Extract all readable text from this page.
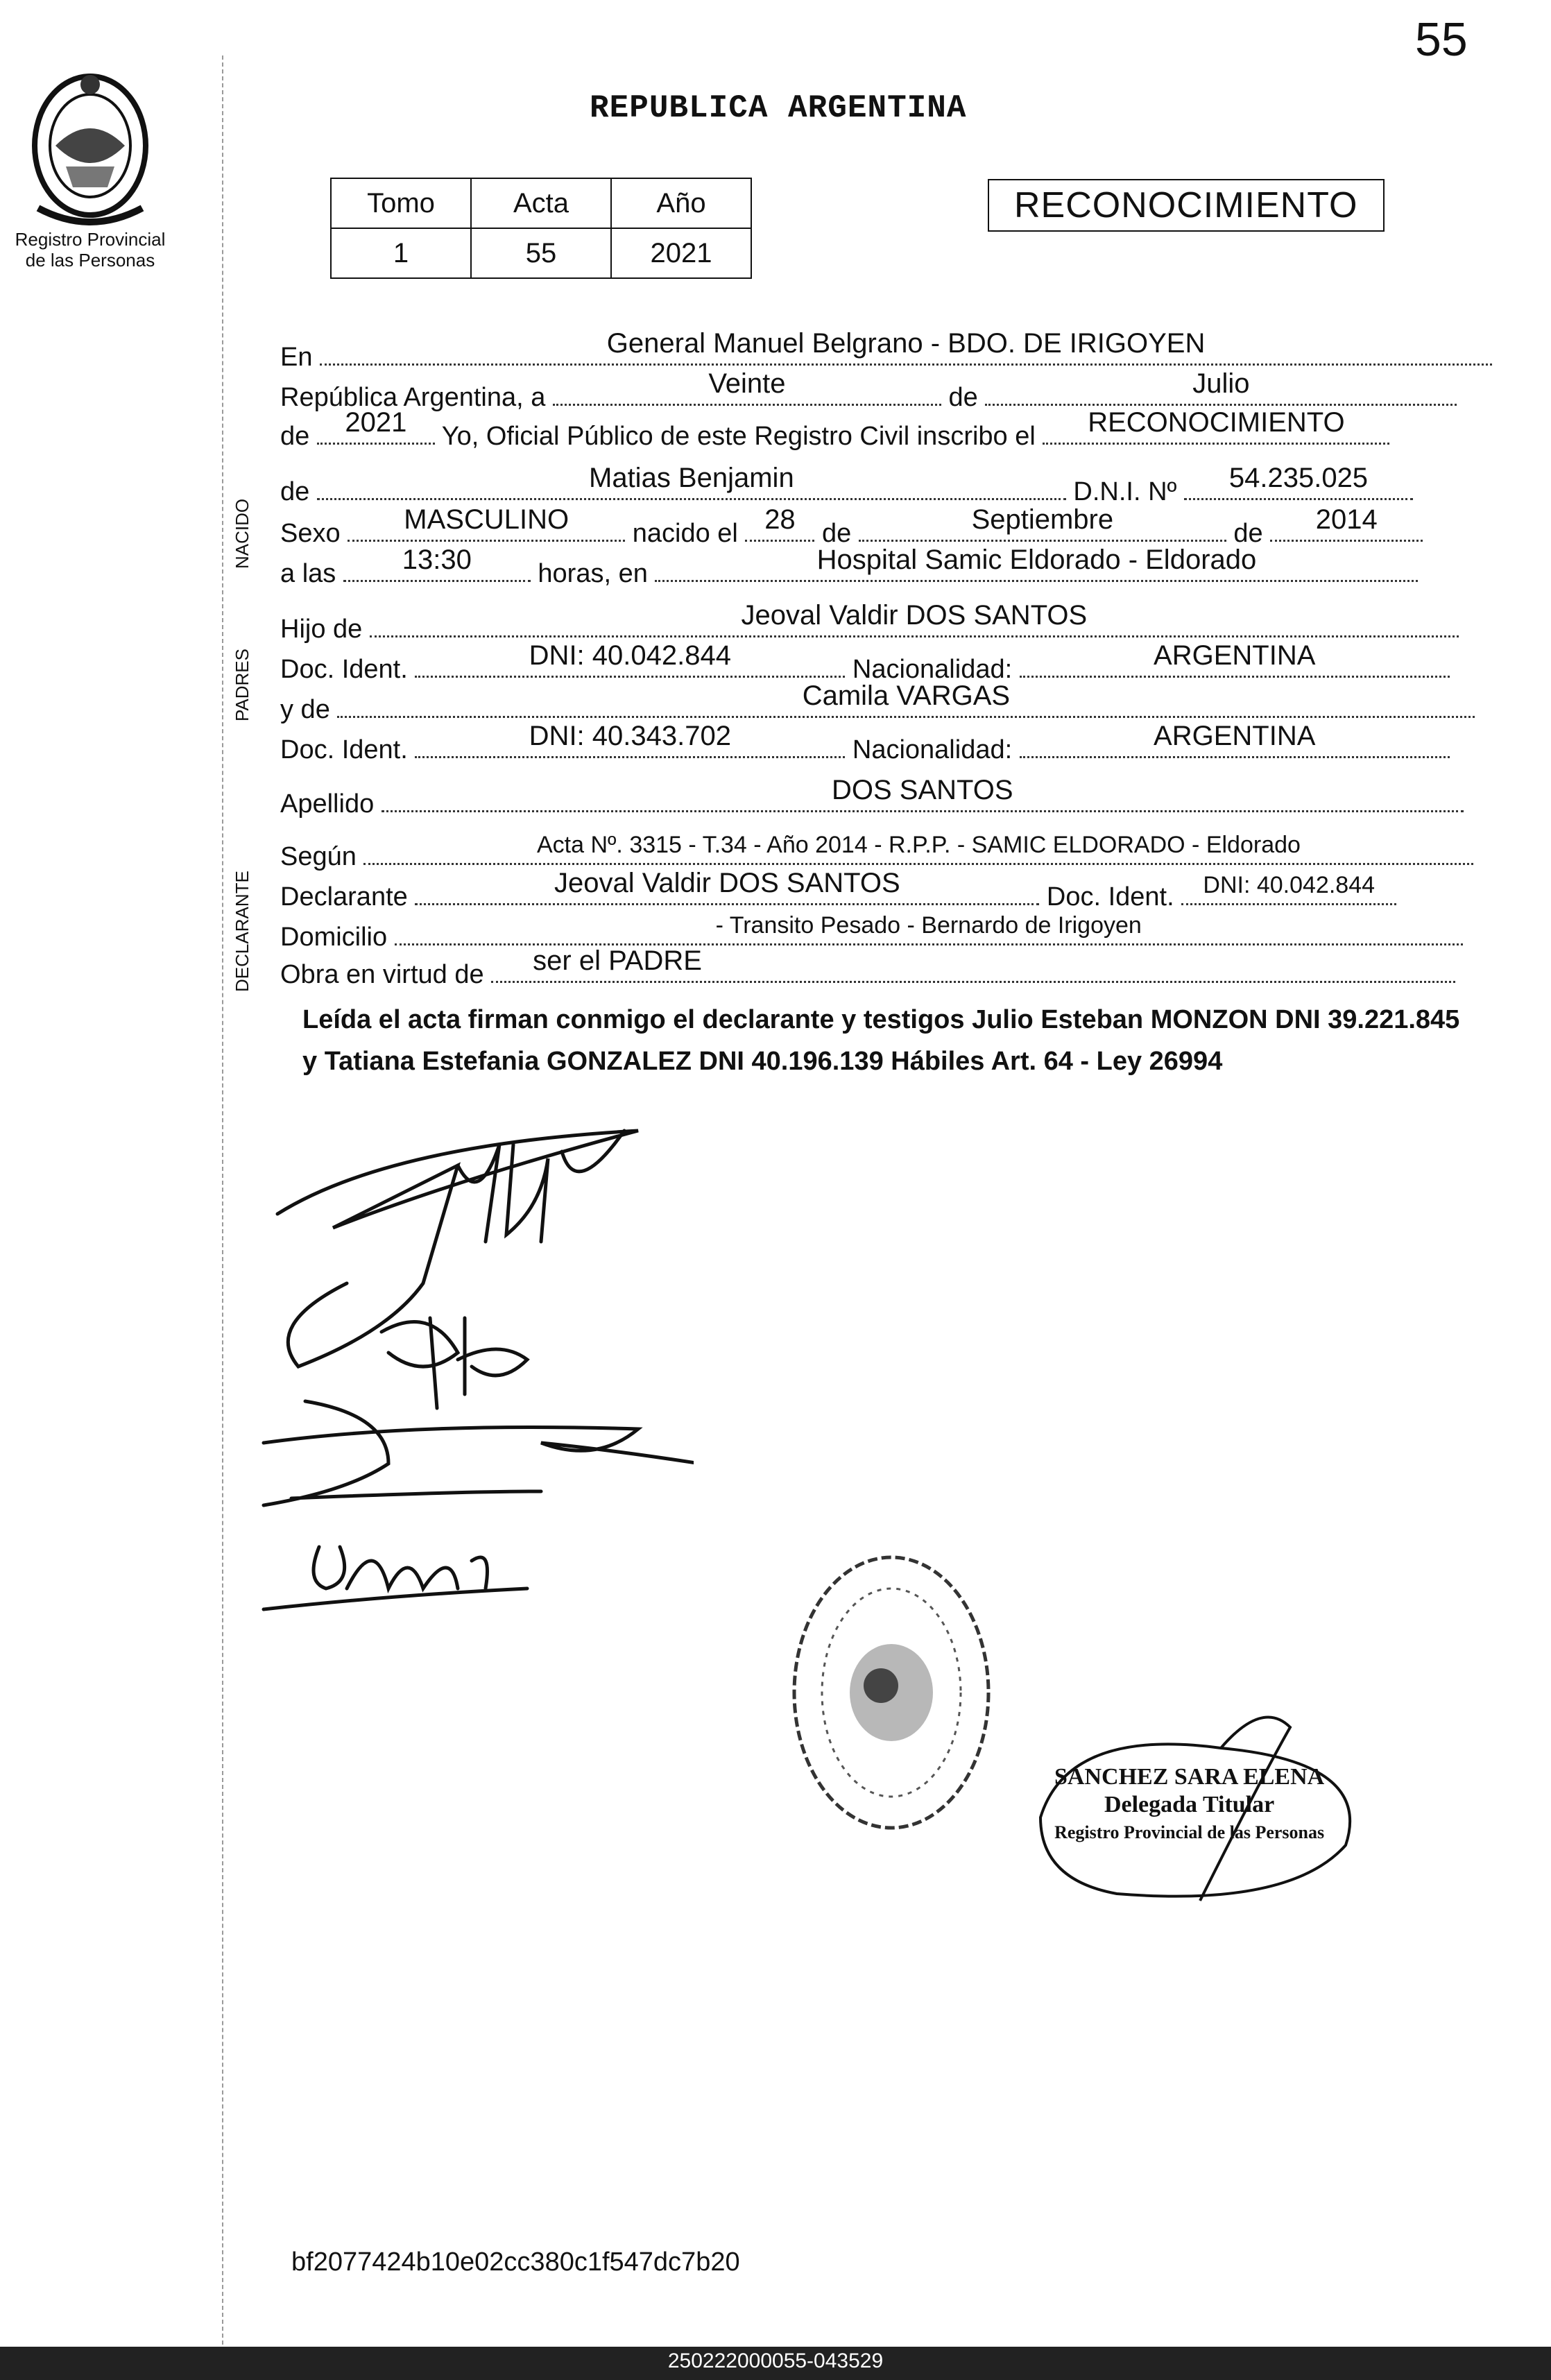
55
Registro Provincial
de las Personas
REPUBLICA ARGENTINA
Tomo	Acta	Año
1	55	2021
RECONOCIMIENTO
NACIDO
PADRES
DECLARANTE
En	General Manuel Belgrano - BDO. DE IRIGOYEN
República Argentina, a	Veinte	de	Julio
de	2021	Yo, Oficial Público de este Registro Civil inscribo el	RECONOCIMIENTO
de	Matias Benjamin	D.N.I. Nº	54.235.025
Sexo	MASCULINO	nacido el 28	de	Septiembre	de	2014
a las	13:30	horas, en	Hospital Samic Eldorado - Eldorado
Hijo de	Jeoval Valdir DOS SANTOS
Doc. Ident.	DNI: 40.042.844	Nacionalidad:	ARGENTINA
y de	Camila VARGAS
Doc. Ident.	DNI: 40.343.702	Nacionalidad:	ARGENTINA
Apellido	DOS SANTOS
Según	Acta Nº. 3315 - T.34 - Año 2014 - R.P.P. - SAMIC ELDORADO - Eldorado
Declarante	Jeoval Valdir DOS SANTOS	Doc. Ident.	DNI: 40.042.844
Domicilio	- Transito Pesado - Bernardo de Irigoyen
Obra en virtud de	ser el PADRE
Leída el acta firman conmigo el declarante y testigos Julio Esteban MONZON DNI 39.221.845 y Tatiana Estefania GONZALEZ DNI 40.196.139 Hábiles Art. 64 - Ley 26994
SANCHEZ SARA ELENA
Delegada Titular
Registro Provincial de las Personas
bf2077424b10e02cc380c1f547dc7b20
250222000055-043529
